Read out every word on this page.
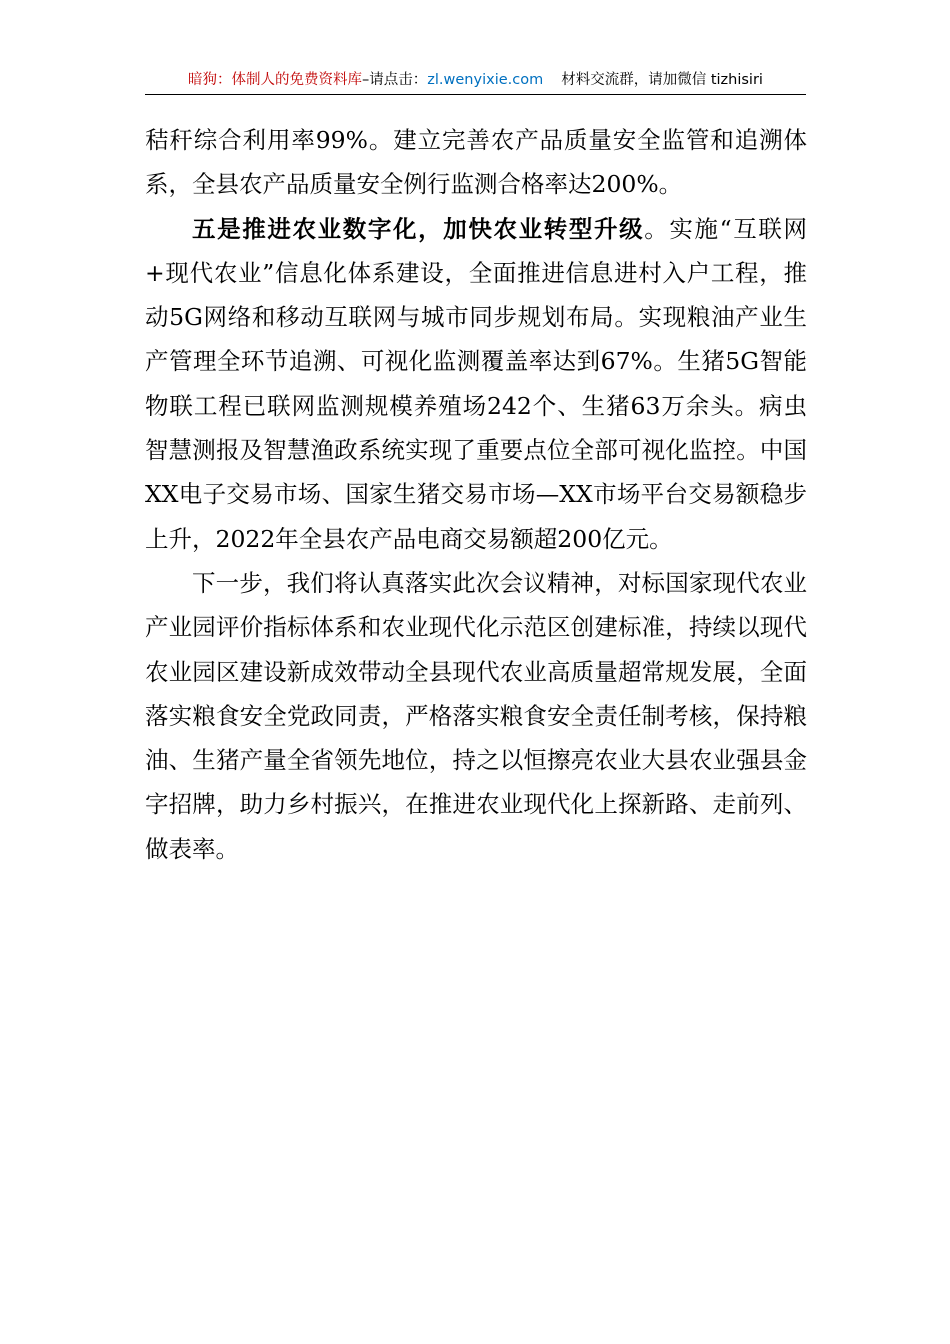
暗狗：体制人的免费资料库–请点击：zl.wenyixie.com 材料交流群，请加微信 tizhisiri

秸秆综合利用率99%。建立完善农产品质量安全监管和追溯体系，全县农产品质量安全例行监测合格率达200%。

五是推进农业数字化，加快农业转型升级。实施“互联网+现代农业”信息化体系建设，全面推进信息进村入户工程，推动5G网络和移动互联网与城市同步规划布局。实现粮油产业生产管理全环节追溯、可视化监测覆盖率达到67%。生猪5G智能物联工程已联网监测规模养殖场242个、生猪63万余头。病虫智慧测报及智慧渔政系统实现了重要点位全部可视化监控。中国XX电子交易市场、国家生猪交易市场—XX市场平台交易额稳步上升，2022年全县农产品电商交易额超200亿元。

下一步，我们将认真落实此次会议精神，对标国家现代农业产业园评价指标体系和农业现代化示范区创建标准，持续以现代农业园区建设新成效带动全县现代农业高质量超常规发展，全面落实粮食安全党政同责，严格落实粮食安全责任制考核，保持粮油、生猪产量全省领先地位，持之以恒擦亮农业大县农业强县金字招牌，助力乡村振兴，在推进农业现代化上探新路、走前列、做表率。
